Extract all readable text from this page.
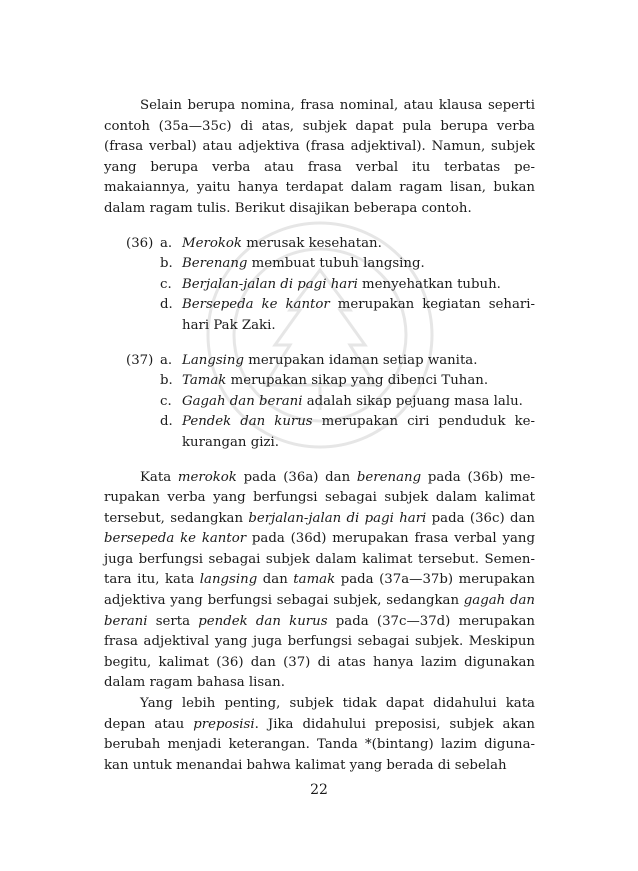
Selain berupa nomina, frasa nominal, atau klausa seperti contoh (35a—35c) di atas, subjek dapat pula berupa verba (frasa verbal) atau adjektiva (frasa adjektival). Namun, subjek yang berupa verba atau frasa verbal itu terbatas pe-makaiannya, yaitu hanya terdapat dalam ragam lisan, bukan dalam ragam tulis. Berikut disajikan beberapa contoh.

(36) a. Merokok merusak kesehatan.
b. Berenang membuat tubuh langsing.
c. Berjalan-jalan di pagi hari menyehatkan tubuh.
d. Bersepeda ke kantor merupakan kegiatan sehari-hari Pak Zaki.
(37) a. Langsing merupakan idaman setiap wanita.
b. Tamak merupakan sikap yang dibenci Tuhan.
c. Gagah dan berani adalah sikap pejuang masa lalu.
d. Pendek dan kurus merupakan ciri penduduk ke-kurangan gizi.

Kata merokok pada (36a) dan berenang pada (36b) me-rupakan verba yang berfungsi sebagai subjek dalam kalimat tersebut, sedangkan berjalan-jalan di pagi hari pada (36c) dan bersepeda ke kantor pada (36d) merupakan frasa verbal yang juga berfungsi sebagai subjek dalam kalimat tersebut. Semen-tara itu, kata langsing dan tamak pada (37a—37b) merupakan adjektiva yang berfungsi sebagai subjek, sedangkan gagah dan berani serta pendek dan kurus pada (37c—37d) merupakan frasa adjektival yang juga berfungsi sebagai subjek. Meskipun begitu, kalimat (36) dan (37) di atas hanya lazim digunakan dalam ragam bahasa lisan.

Yang lebih penting, subjek tidak dapat didahului kata depan atau preposisi. Jika didahului preposisi, subjek akan berubah menjadi keterangan. Tanda *(bintang) lazim diguna-kan untuk menandai bahwa kalimat yang berada di sebelah

22
